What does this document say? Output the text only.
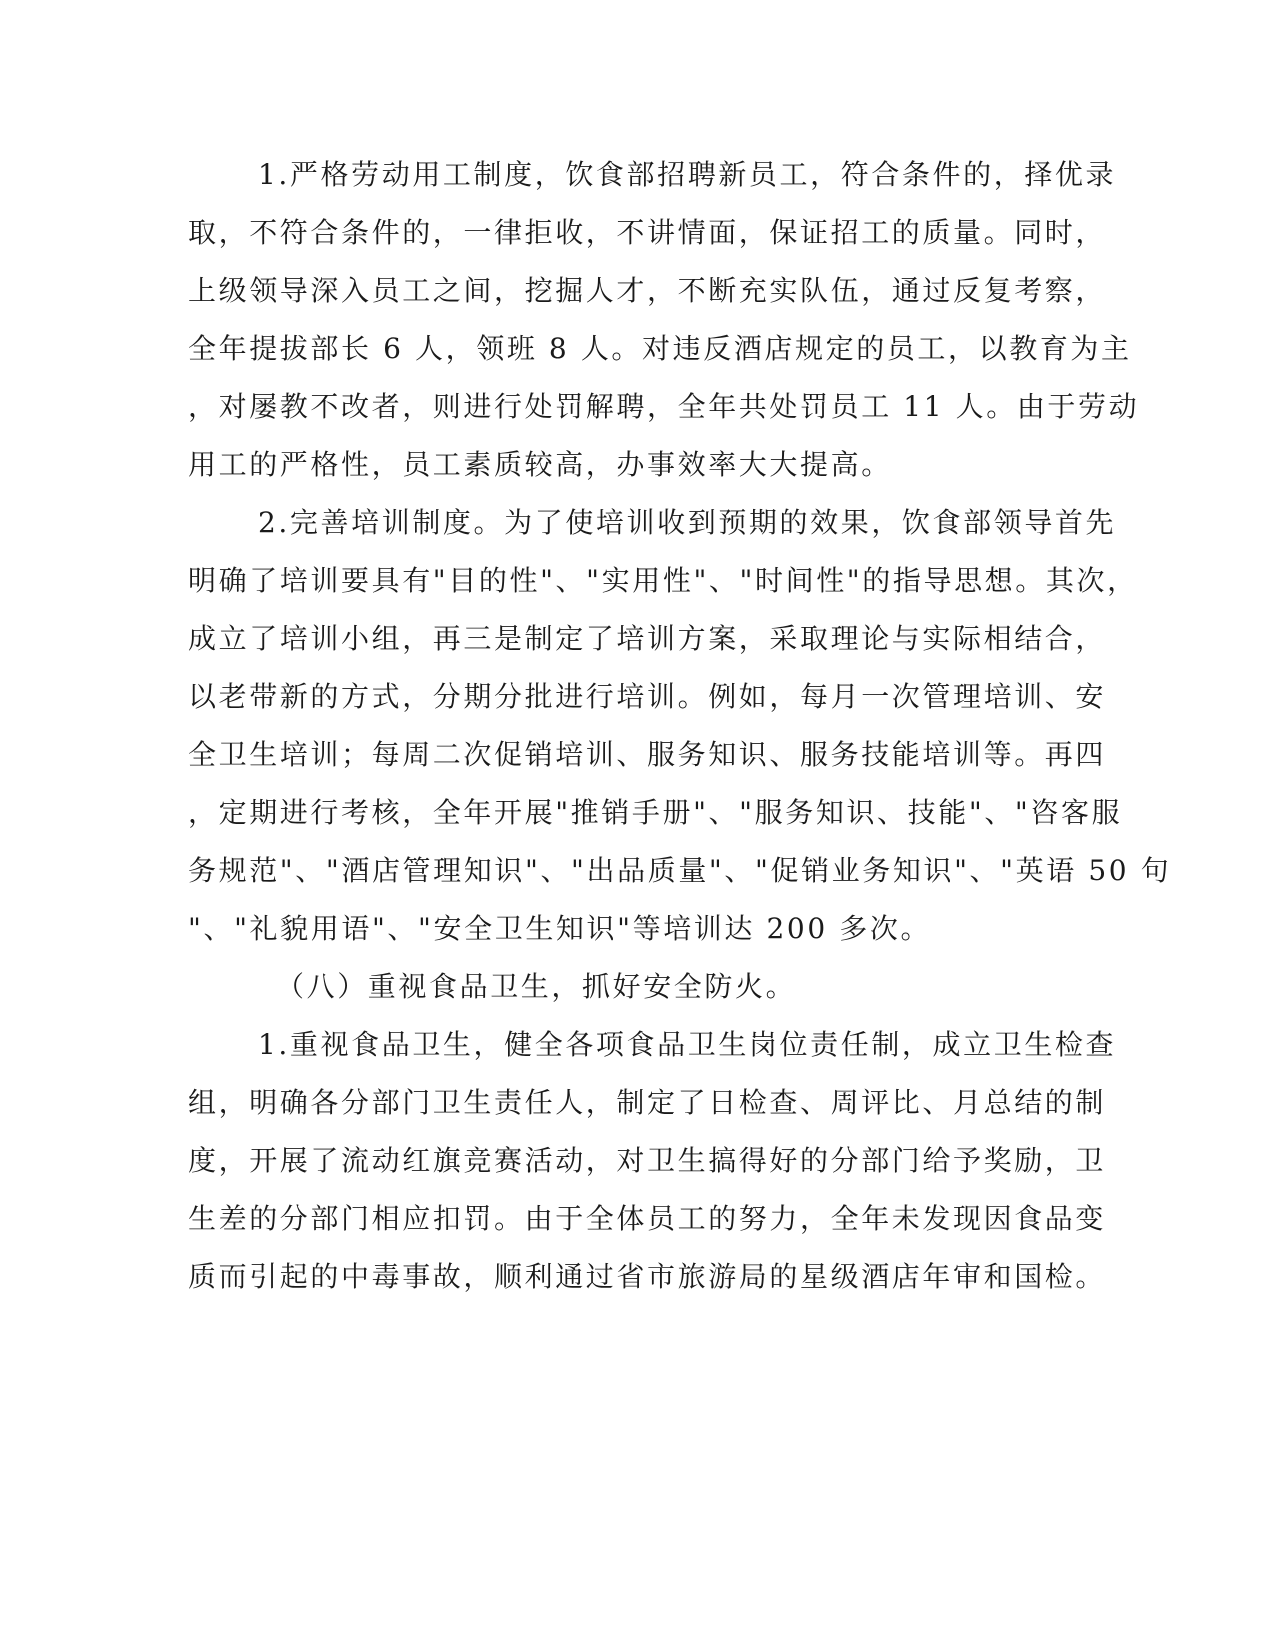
1.严格劳动用工制度，饮食部招聘新员工，符合条件的，择优录
取，不符合条件的，一律拒收，不讲情面，保证招工的质量。同时，
上级领导深入员工之间，挖掘人才，不断充实队伍，通过反复考察，
全年提拔部长 6 人，领班 8 人。对违反酒店规定的员工，以教育为主
，对屡教不改者，则进行处罚解聘，全年共处罚员工 11 人。由于劳动
用工的严格性，员工素质较高，办事效率大大提高。
2.完善培训制度。为了使培训收到预期的效果，饮食部领导首先
明确了培训要具有"目的性"、"实用性"、"时间性"的指导思想。其次，
成立了培训小组，再三是制定了培训方案，采取理论与实际相结合，
以老带新的方式，分期分批进行培训。例如，每月一次管理培训、安
全卫生培训；每周二次促销培训、服务知识、服务技能培训等。再四
，定期进行考核，全年开展"推销手册"、"服务知识、技能"、"咨客服
务规范"、"酒店管理知识"、"出品质量"、"促销业务知识"、"英语 50 句
"、"礼貌用语"、"安全卫生知识"等培训达 200 多次。
（八）重视食品卫生，抓好安全防火。
1.重视食品卫生，健全各项食品卫生岗位责任制，成立卫生检查
组，明确各分部门卫生责任人，制定了日检查、周评比、月总结的制
度，开展了流动红旗竞赛活动，对卫生搞得好的分部门给予奖励，卫
生差的分部门相应扣罚。由于全体员工的努力，全年未发现因食品变
质而引起的中毒事故，顺利通过省市旅游局的星级酒店年审和国检。
